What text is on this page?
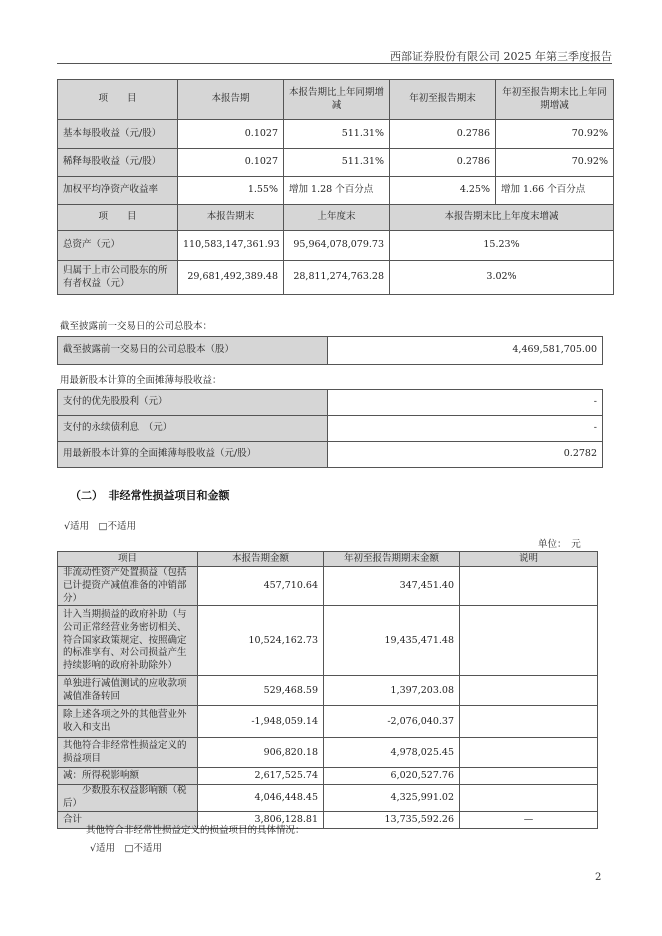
西部证券股份有限公司 2025 年第三季度报告
项　　目	本报告期	本报告期比上年同期增减	年初至报告期末	年初至报告期末比上年同期增减
基本每股收益（元/股）	0.1027	511.31%	0.2786	70.92%
稀释每股收益（元/股）	0.1027	511.31%	0.2786	70.92%
加权平均净资产收益率	1.55%	增加 1.28 个百分点	4.25%	增加 1.66 个百分点
项　　目	本报告期末	上年度末	本报告期末比上年度末增减	
总资产（元）	110,583,147,361.93	95,964,078,079.73	15.23%	
归属于上市公司股东的所有者权益（元）	29,681,492,389.48	28,811,274,763.28	3.02%	
截至披露前一交易日的公司总股本：
截至披露前一交易日的公司总股本（股）	4,469,581,705.00
用最新股本计算的全面摊薄每股收益：
支付的优先股股利（元）	-
支付的永续债利息　（元）	-
用最新股本计算的全面摊薄每股收益（元/股）	0.2782
（二）　非经常性损益项目和金额
√适用　□不适用
单位：　元
项目	本报告期金额	年初至报告期期末金额	说明
非流动性资产处置损益（包括已计提资产减值准备的冲销部分）	457,710.64	347,451.40	
计入当期损益的政府补助（与公司正常经营业务密切相关、符合国家政策规定、按照确定的标准享有、对公司损益产生持续影响的政府补助除外）	10,524,162.73	19,435,471.48	
单独进行减值测试的应收款项减值准备转回	529,468.59	1,397,203.08	
除上述各项之外的其他营业外收入和支出	-1,948,059.14	-2,076,040.37	
其他符合非经常性损益定义的损益项目	906,820.18	4,978,025.45	
减：所得税影响额	2,617,525.74	6,020,527.76	
　　少数股东权益影响额（税后）	4,046,448.45	4,325,991.02	
合计	3,806,128.81	13,735,592.26	—
其他符合非经常性损益定义的损益项目的具体情况：
√适用　□不适用
2
